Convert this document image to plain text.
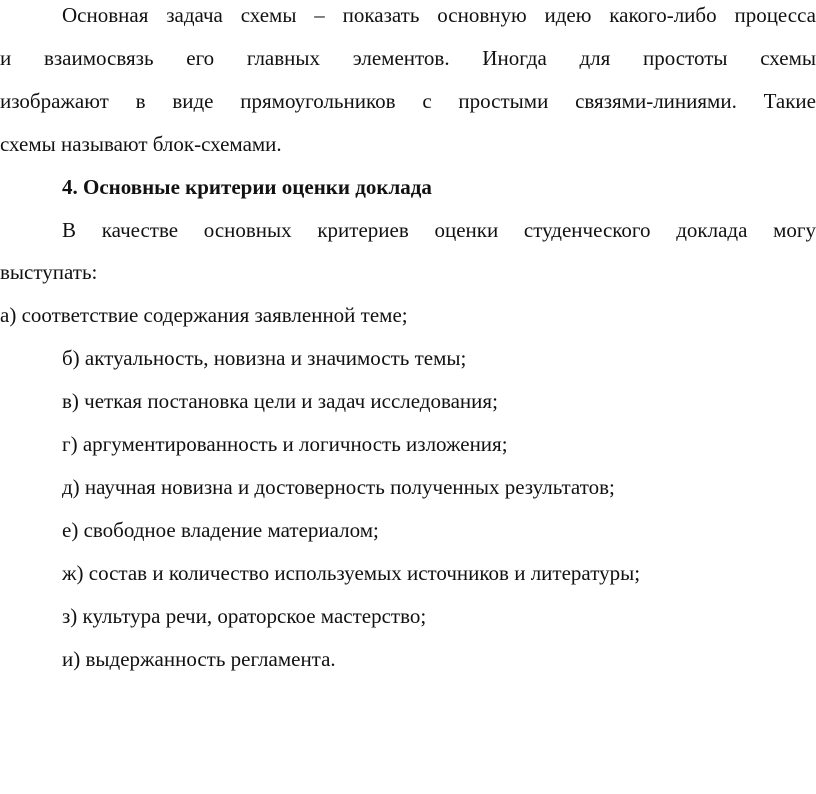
Основная задача схемы – показать основную идею какого-либо процесса
и взаимосвязь его главных элементов. Иногда для простоты схемы
изображают в виде прямоугольников с простыми связями-линиями. Такие
схемы называют блок-схемами.
4. Основные критерии оценки доклада
В качестве основных критериев оценки студенческого доклада могу
выступать:
а) соответствие содержания заявленной теме;
б) актуальность, новизна и значимость темы;
в) четкая постановка цели и задач исследования;
г) аргументированность и логичность изложения;
д) научная новизна и достоверность полученных результатов;
е) свободное владение материалом;
ж) состав и количество используемых источников и литературы;
з) культура речи, ораторское мастерство;
и) выдержанность регламента.
